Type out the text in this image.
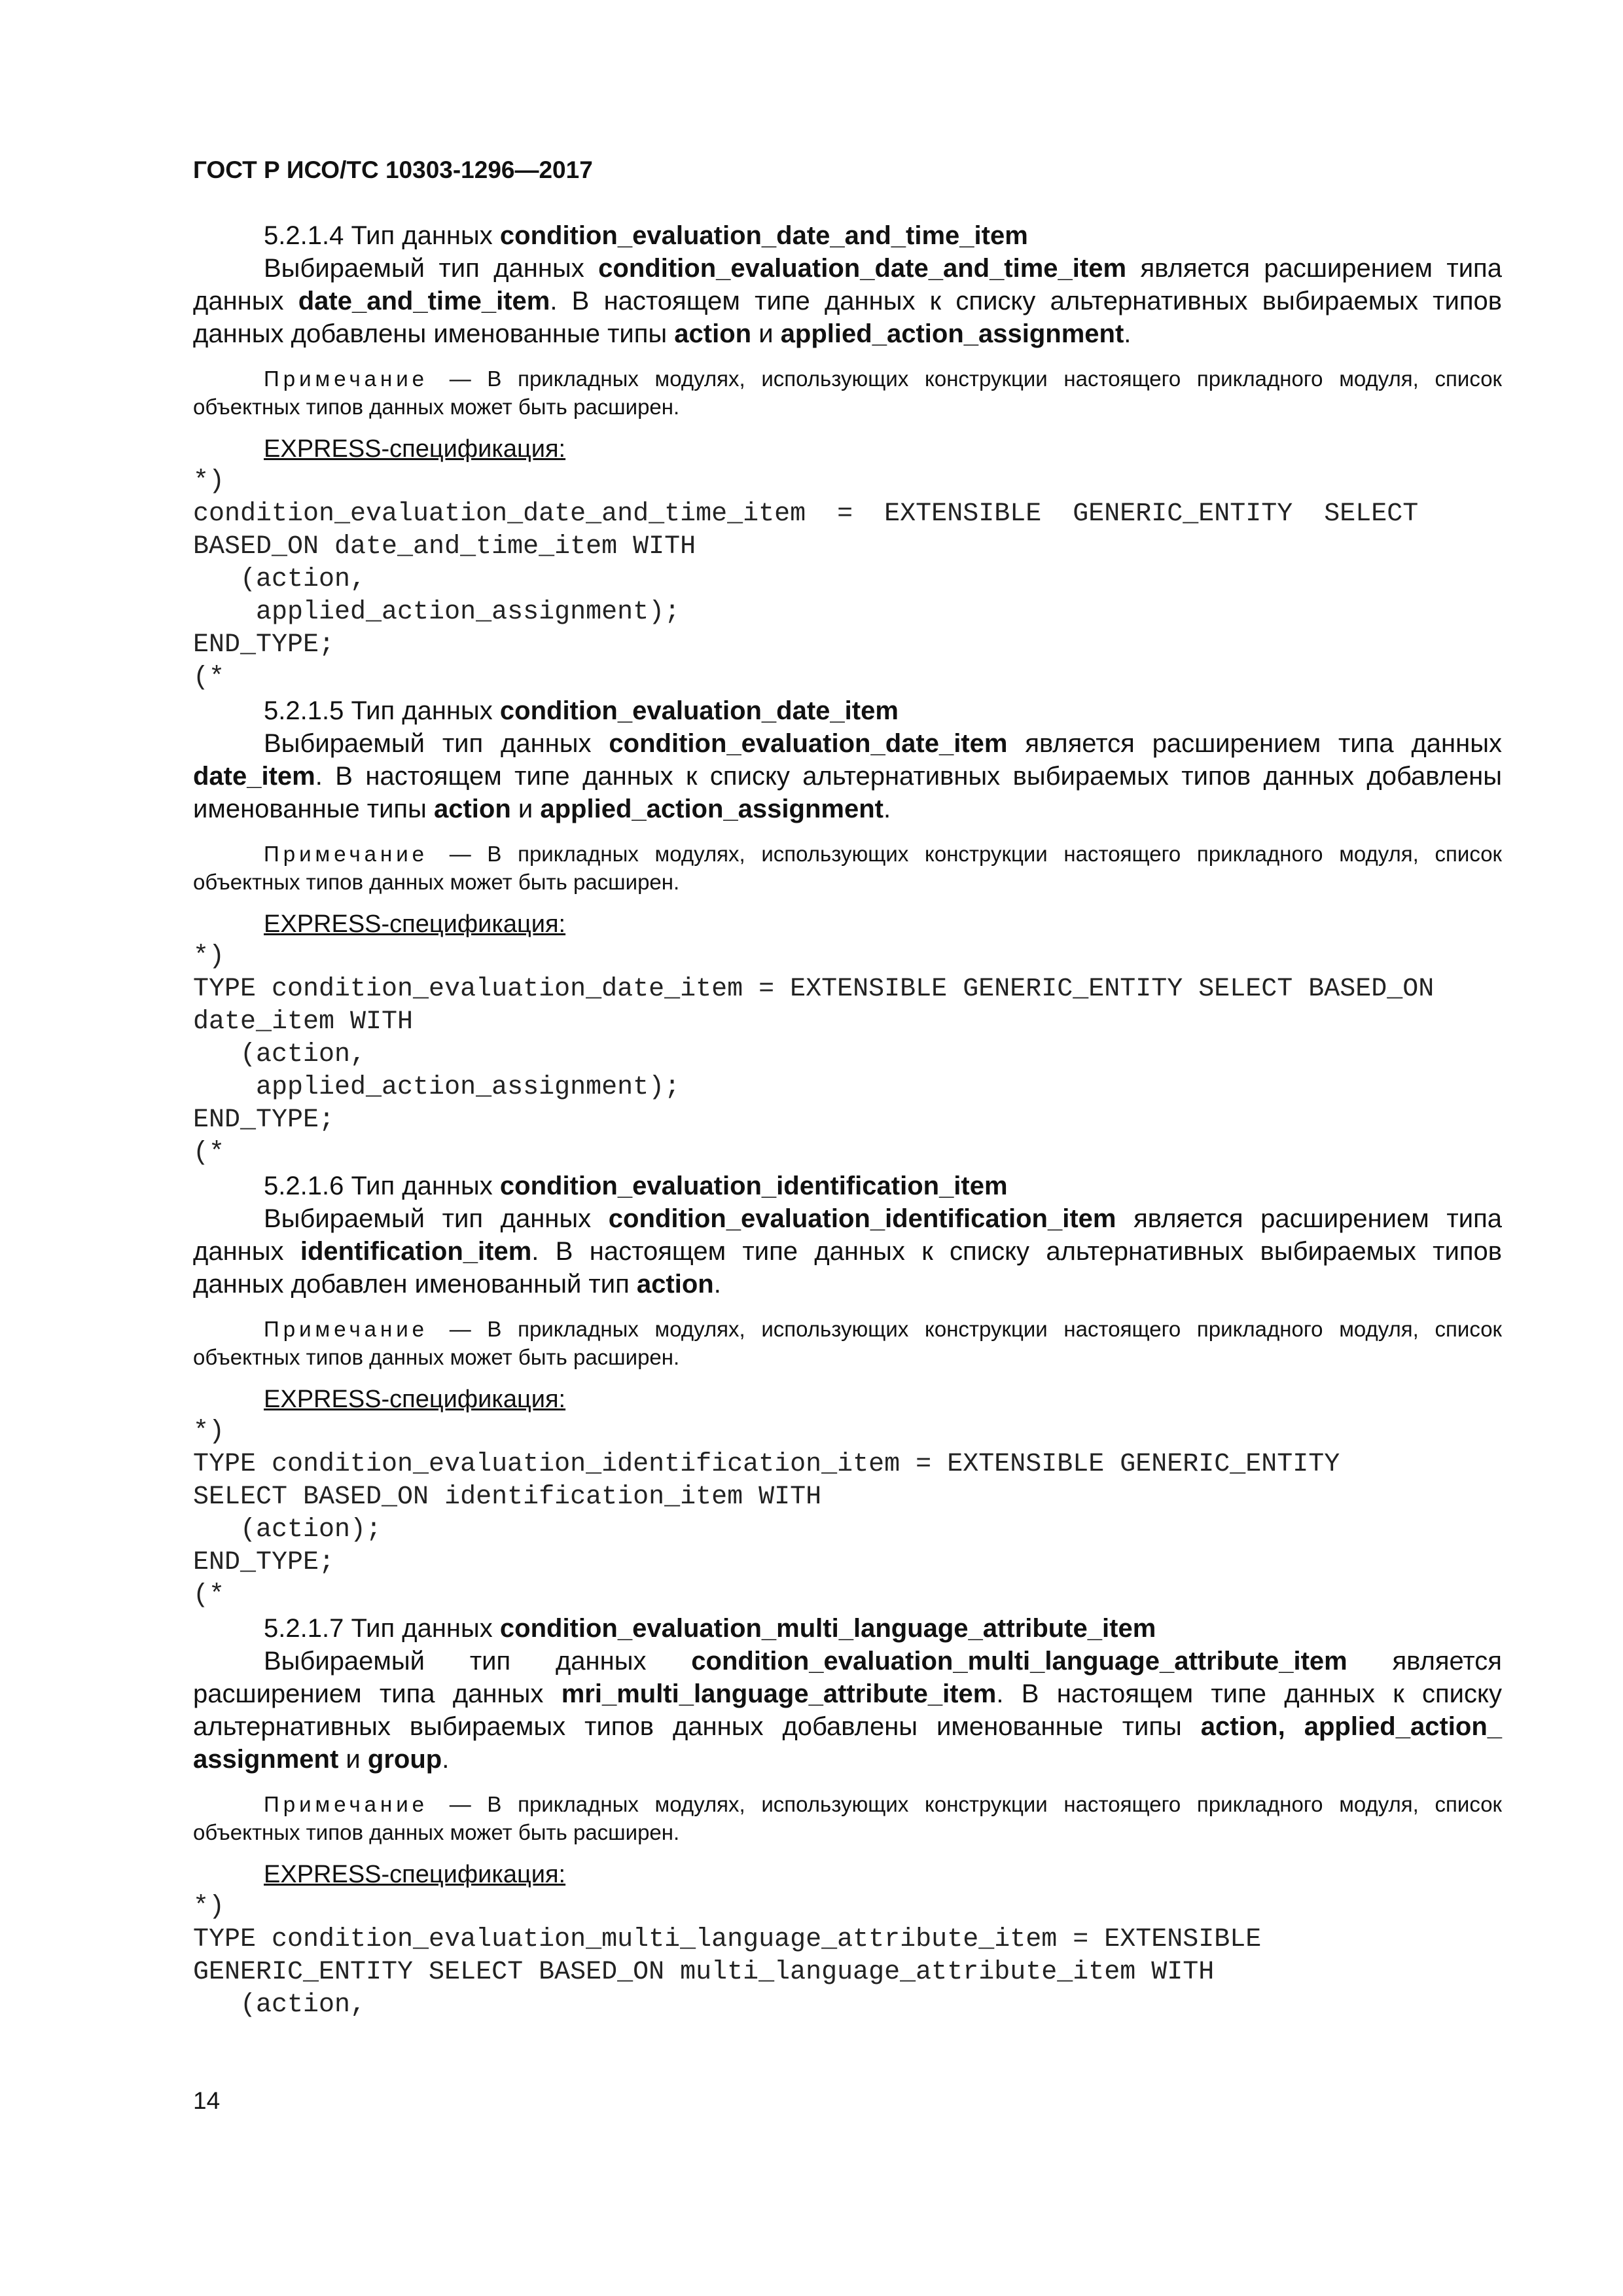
ГОСТ Р ИСО/ТС 10303-1296—2017

5.2.1.4 Тип данных condition_evaluation_date_and_time_item

Выбираемый тип данных condition_evaluation_date_and_time_item является расширением типа данных date_and_time_item. В настоящем типе данных к списку альтернативных выбираемых типов данных добавлены именованные типы action и applied_action_assignment.

Примечание — В прикладных модулях, использующих конструкции настоящего прикладного модуля, список объектных типов данных может быть расширен.

EXPRESS-спецификация:

*)
condition_evaluation_date_and_time_item  =  EXTENSIBLE  GENERIC_ENTITY  SELECT
BASED_ON date_and_time_item WITH
(action,
applied_action_assignment);
END_TYPE;
(*

5.2.1.5 Тип данных condition_evaluation_date_item

Выбираемый тип данных condition_evaluation_date_item является расширением типа данных date_item. В настоящем типе данных к списку альтернативных выбираемых типов данных добавлены именованные типы action и applied_action_assignment.

Примечание — В прикладных модулях, использующих конструкции настоящего прикладного модуля, список объектных типов данных может быть расширен.

EXPRESS-спецификация:

*)
TYPE condition_evaluation_date_item = EXTENSIBLE GENERIC_ENTITY SELECT BASED_ON
date_item WITH
(action,
applied_action_assignment);
END_TYPE;
(*

5.2.1.6 Тип данных condition_evaluation_identification_item

Выбираемый тип данных condition_evaluation_identification_item является расширением типа данных identification_item. В настоящем типе данных к списку альтернативных выбираемых типов данных добавлен именованный тип action.

Примечание — В прикладных модулях, использующих конструкции настоящего прикладного модуля, список объектных типов данных может быть расширен.

EXPRESS-спецификация:

*)
TYPE condition_evaluation_identification_item = EXTENSIBLE GENERIC_ENTITY
SELECT BASED_ON identification_item WITH
(action);
END_TYPE;
(*

5.2.1.7 Тип данных condition_evaluation_multi_language_attribute_item

Выбираемый тип данных condition_evaluation_multi_language_attribute_item является расширением типа данных mri_multi_language_attribute_item. В настоящем типе данных к списку альтернативных выбираемых типов данных добавлены именованные типы action, applied_action_ assignment и group.

Примечание — В прикладных модулях, использующих конструкции настоящего прикладного модуля, список объектных типов данных может быть расширен.

EXPRESS-спецификация:

*)
TYPE condition_evaluation_multi_language_attribute_item = EXTENSIBLE
GENERIC_ENTITY SELECT BASED_ON multi_language_attribute_item WITH
(action,
14
